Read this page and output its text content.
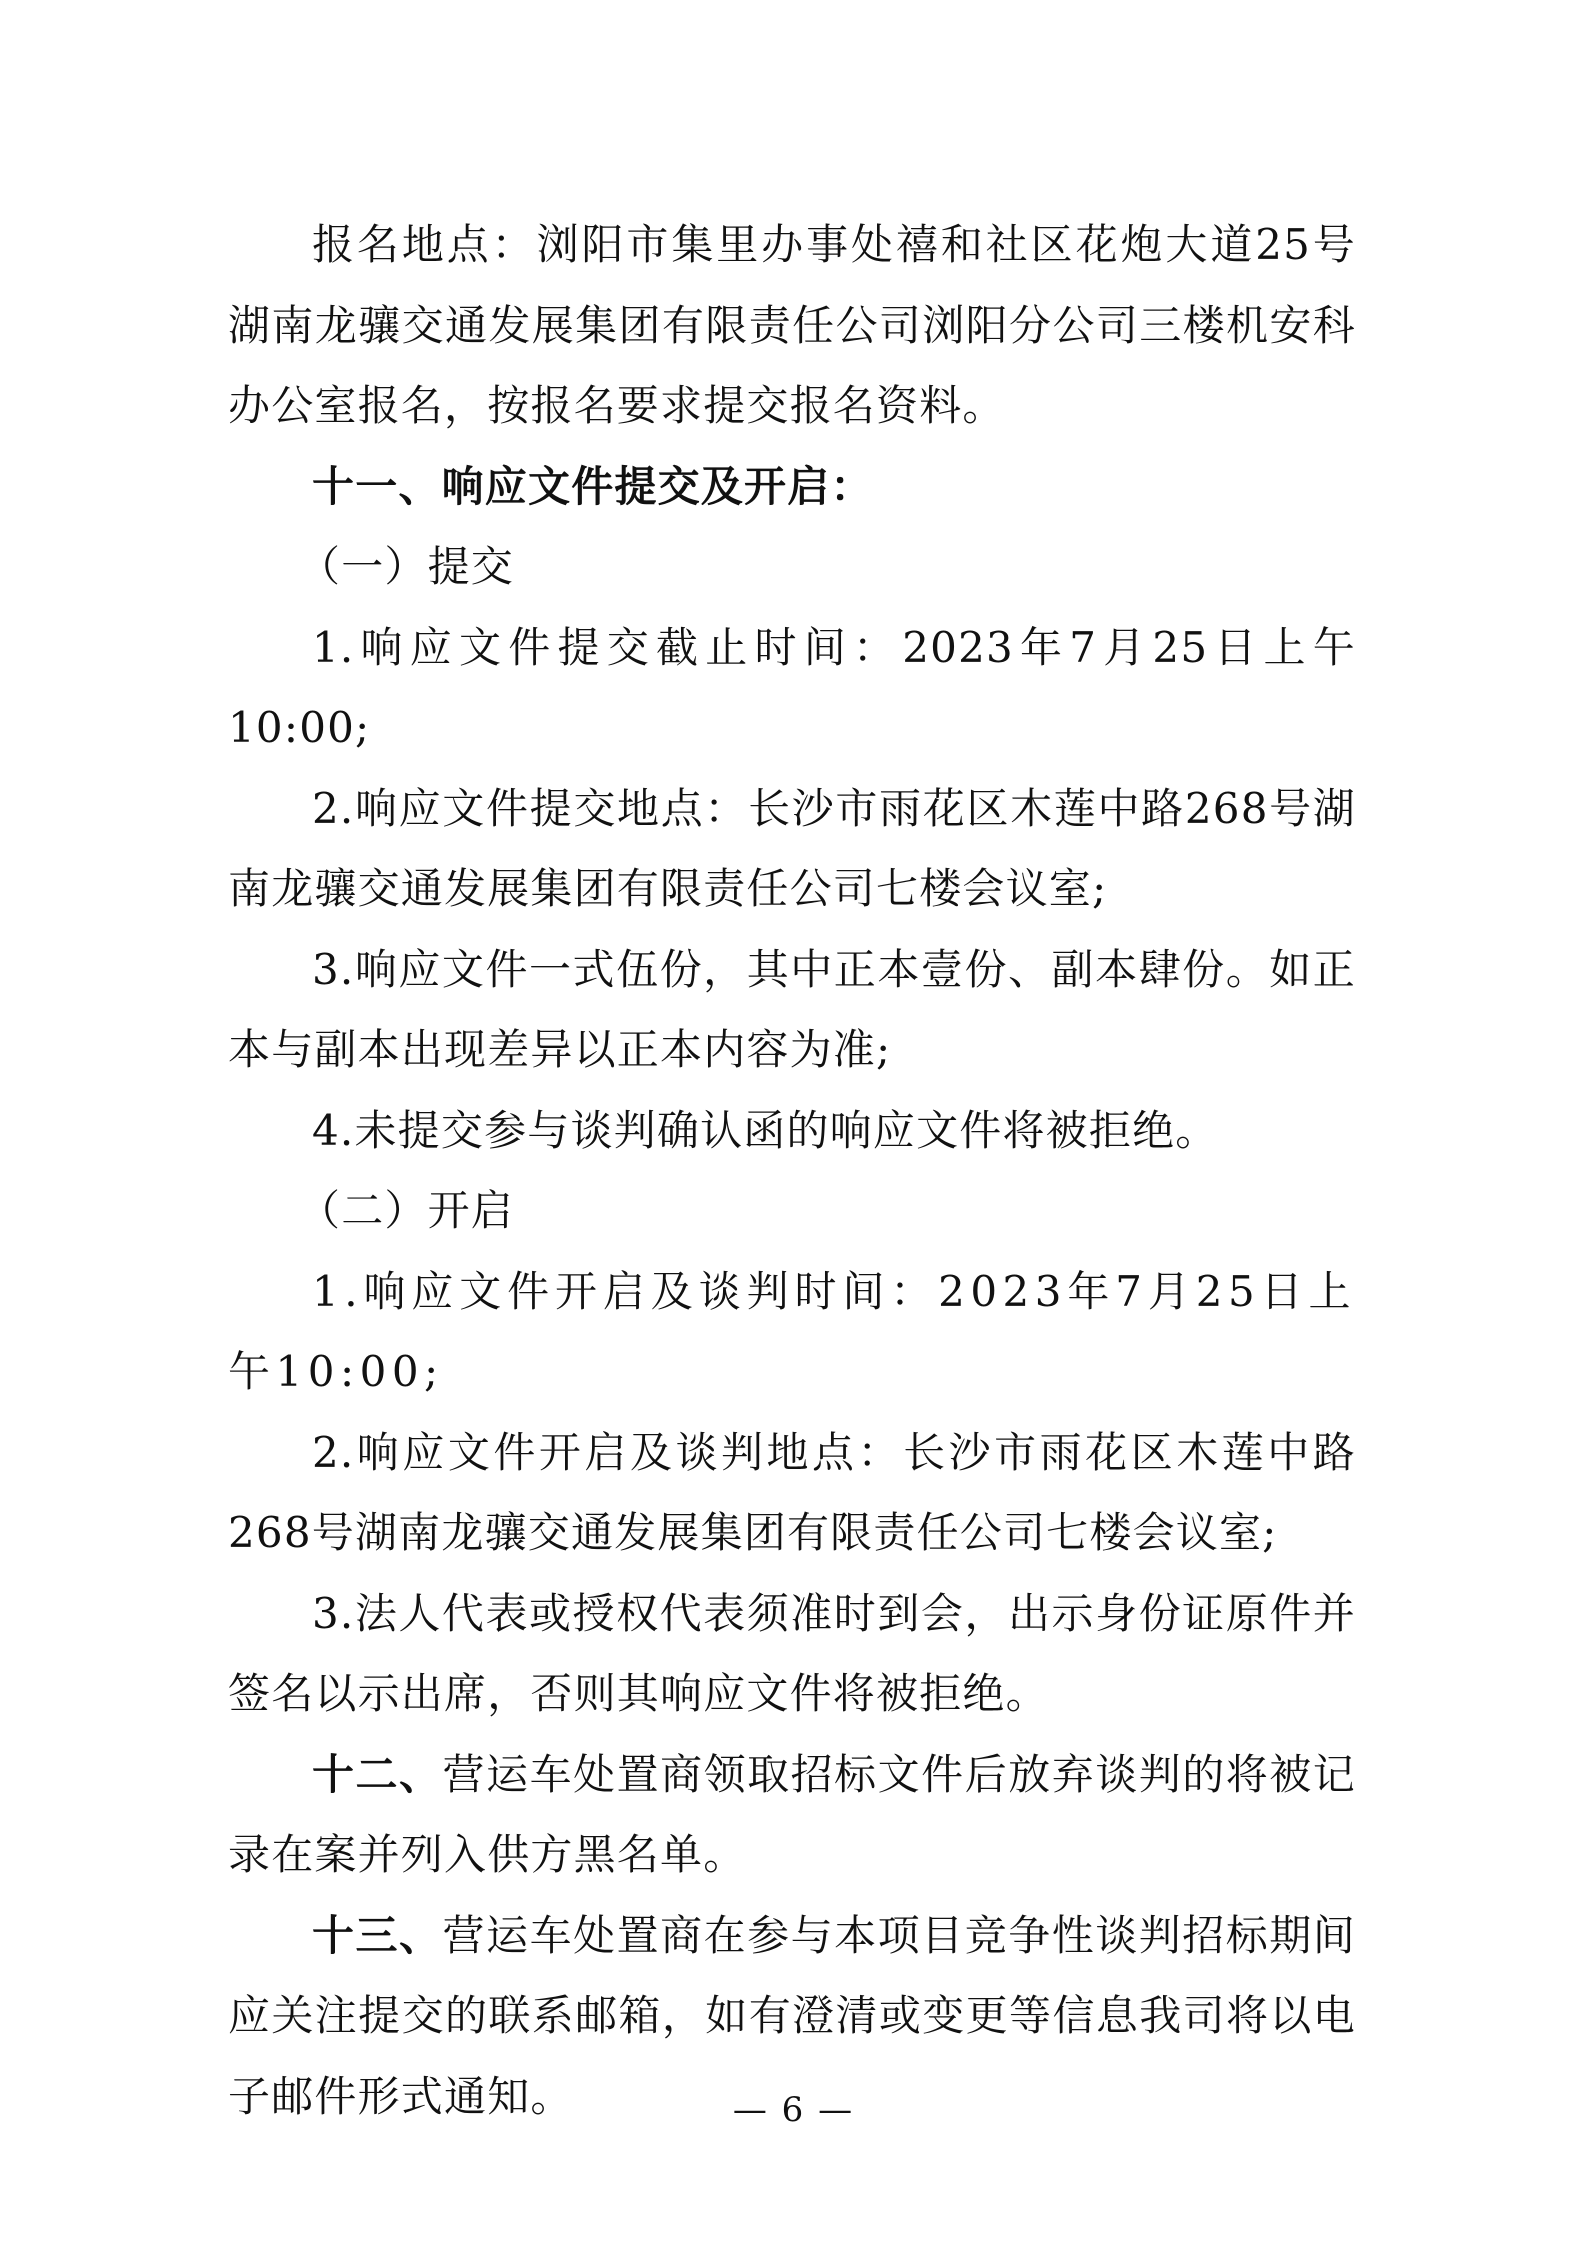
报名地点：浏阳市集里办事处禧和社区花炮大道25号湖南龙骧交通发展集团有限责任公司浏阳分公司三楼机安科办公室报名，按报名要求提交报名资料。

十一、响应文件提交及开启：

（一）提交

1.响应文件提交截止时间：2023年7月25日上午10:00;

2.响应文件提交地点：长沙市雨花区木莲中路268号湖南龙骧交通发展集团有限责任公司七楼会议室;

3.响应文件一式伍份，其中正本壹份、副本肆份。如正本与副本出现差异以正本内容为准;

4.未提交参与谈判确认函的响应文件将被拒绝。

（二）开启

1.响应文件开启及谈判时间：2023年7月25日上午10:00;

2.响应文件开启及谈判地点：长沙市雨花区木莲中路268号湖南龙骧交通发展集团有限责任公司七楼会议室;

3.法人代表或授权代表须准时到会，出示身份证原件并签名以示出席，否则其响应文件将被拒绝。

十二、营运车处置商领取招标文件后放弃谈判的将被记录在案并列入供方黑名单。

十三、营运车处置商在参与本项目竞争性谈判招标期间应关注提交的联系邮箱，如有澄清或变更等信息我司将以电子邮件形式通知。	— 6 —
